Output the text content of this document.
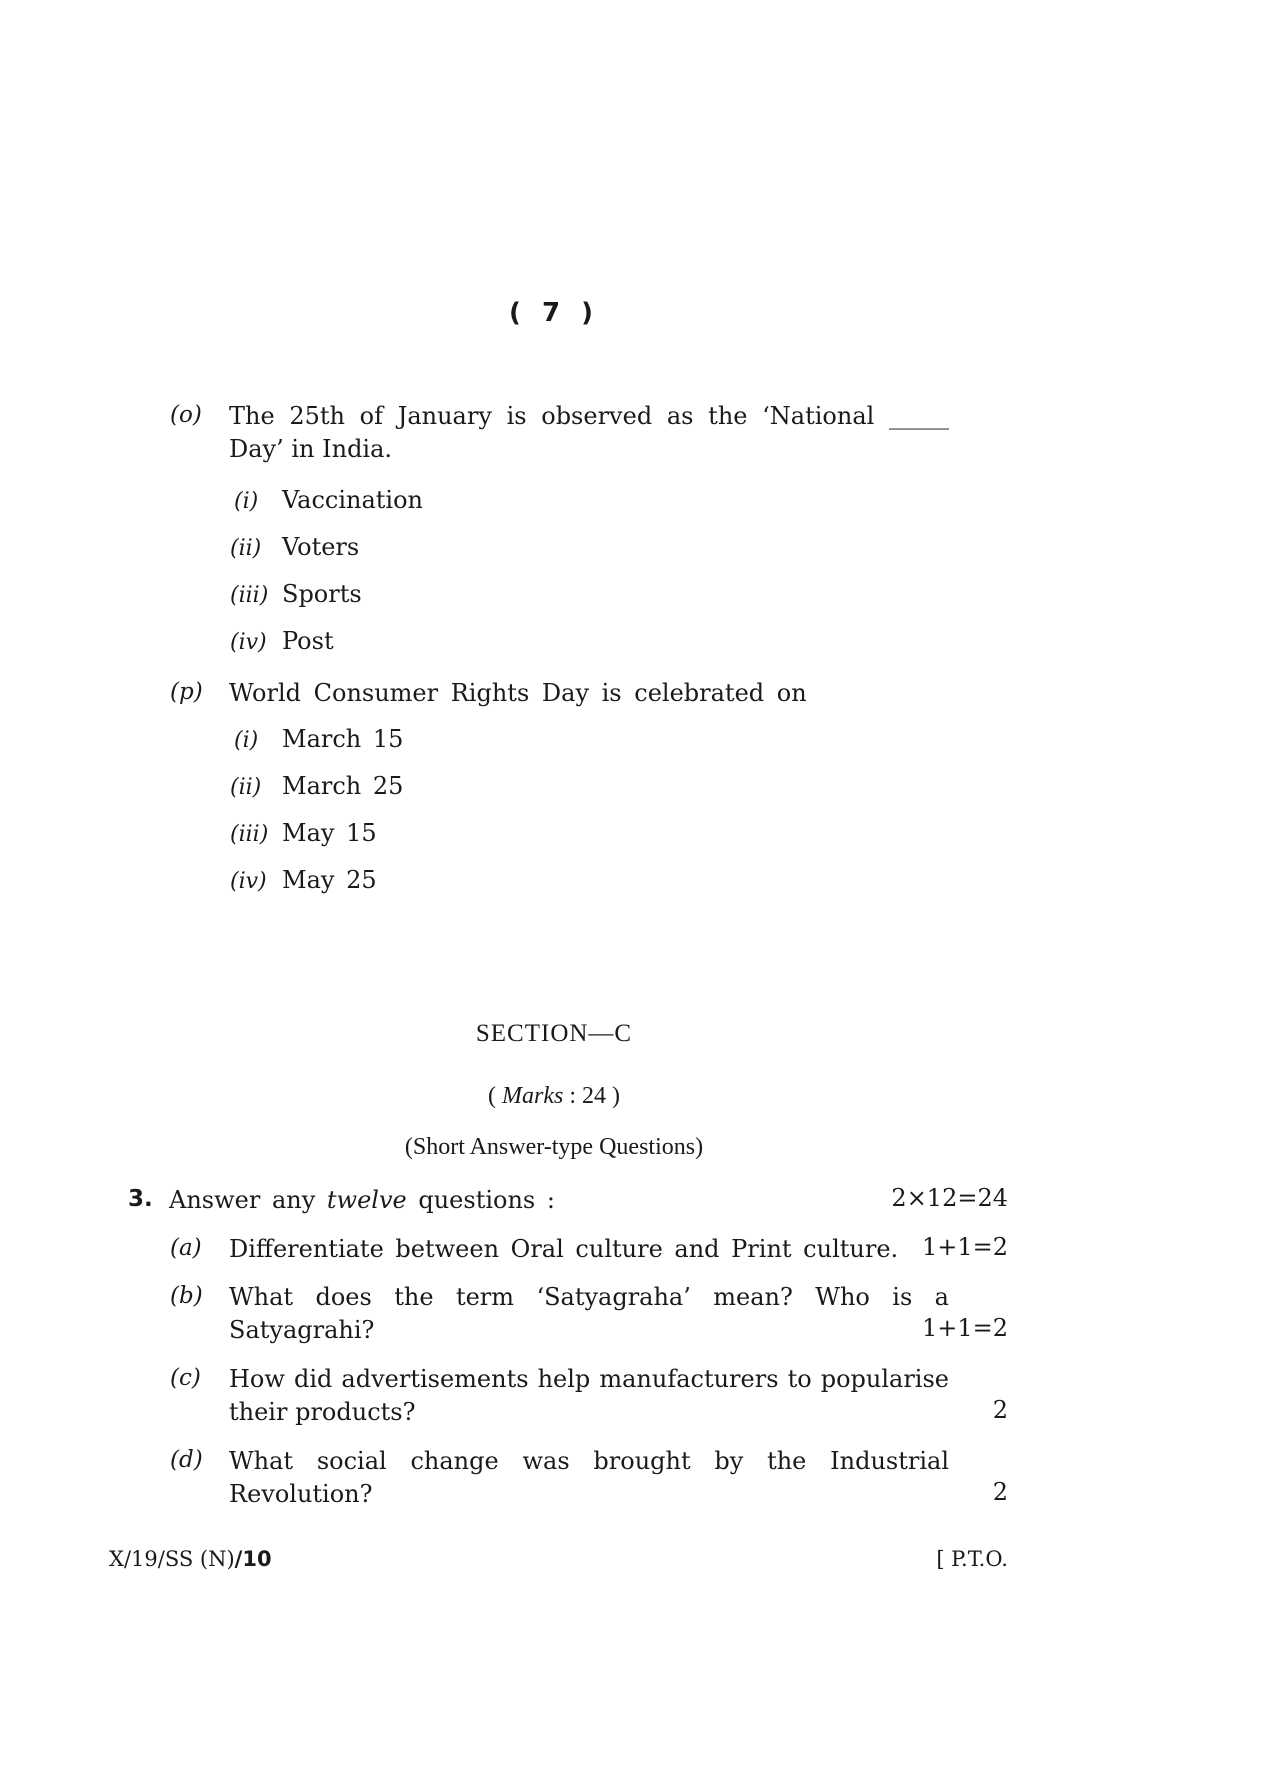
( 7 )
(o) The 25th of January is observed as the ‘National _____
Day’ in India.
(i) Vaccination
(ii) Voters
(iii) Sports
(iv) Post
(p) World Consumer Rights Day is celebrated on
(i) March 15
(ii) March 25
(iii) May 15
(iv) May 25
SECTION—C
( Marks : 24 )
(Short Answer-type Questions)
3. Answer any twelve questions :	2×12=24
(a) Differentiate between Oral culture and Print culture. 1+1=2
(b) What does the term ‘Satyagraha’ mean? Who is a
Satyagrahi?	1+1=2
(c) How did advertisements help manufacturers to popularise
their products?	2
(d) What social change was brought by the Industrial
Revolution?	2
X/19/SS (N)/10	[ P.T.O.
